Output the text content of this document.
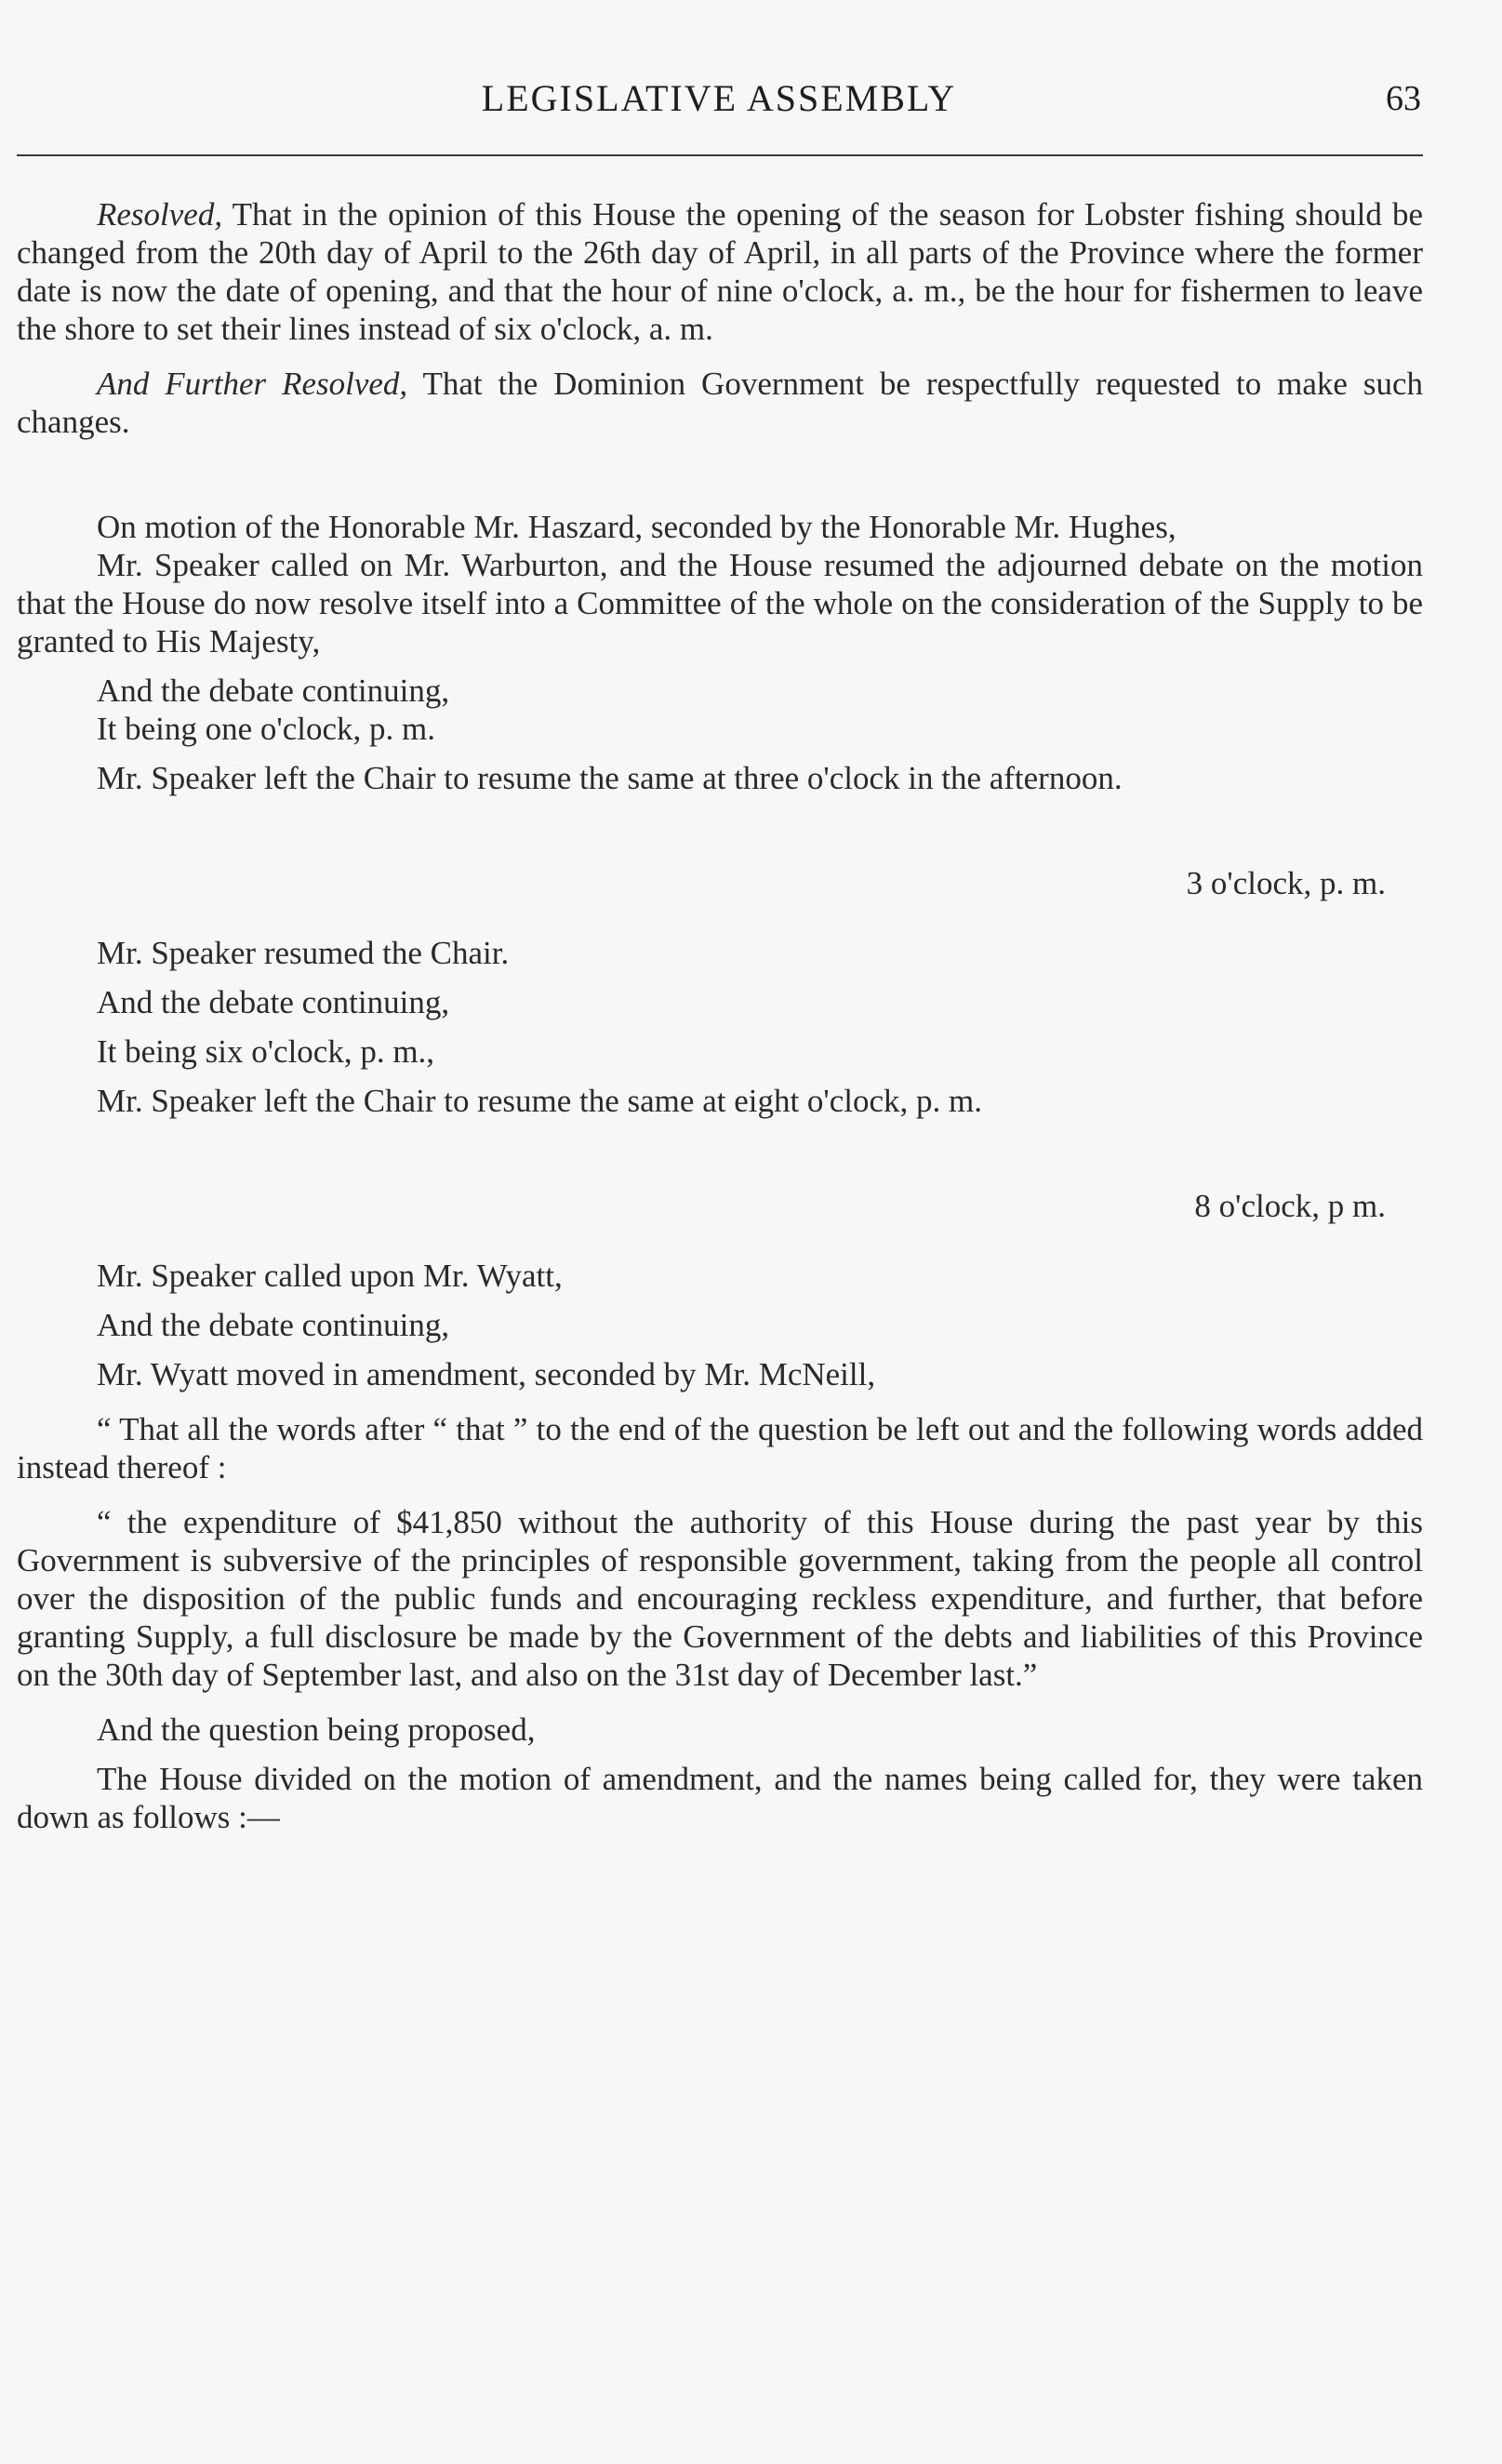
LEGISLATIVE ASSEMBLY	63

Resolved, That in the opinion of this House the opening of the season for Lobster fishing should be changed from the 20th day of April to the 26th day of April, in all parts of the Province where the former date is now the date of opening, and that the hour of nine o'clock, a. m., be the hour for fishermen to leave the shore to set their lines instead of six o'clock, a. m.

And Further Resolved, That the Dominion Government be respectfully requested to make such changes.

On motion of the Honorable Mr. Haszard, seconded by the Honorable Mr. Hughes,

Mr. Speaker called on Mr. Warburton, and the House resumed the adjourned debate on the motion that the House do now resolve itself into a Committee of the whole on the consideration of the Supply to be granted to His Majesty,

And the debate continuing,

It being one o'clock, p. m.

Mr. Speaker left the Chair to resume the same at three o'clock in the afternoon.

3 o'clock, p. m.

Mr. Speaker resumed the Chair.

And the debate continuing,

It being six o'clock, p. m.,

Mr. Speaker left the Chair to resume the same at eight o'clock, p. m.

8 o'clock, p m.

Mr. Speaker called upon Mr. Wyatt,

And the debate continuing,

Mr. Wyatt moved in amendment, seconded by Mr. McNeill,

“ That all the words after “ that ” to the end of the question be left out and the following words added instead thereof :

“ the expenditure of $41,850 without the authority of this House during the past year by this Government is subversive of the principles of responsible government, taking from the people all control over the disposition of the public funds and encouraging reckless expenditure, and further, that before granting Supply, a full disclosure be made by the Government of the debts and liabilities of this Province on the 30th day of September last, and also on the 31st day of December last.”

And the question being proposed,

The House divided on the motion of amendment, and the names being called for, they were taken down as follows :—
